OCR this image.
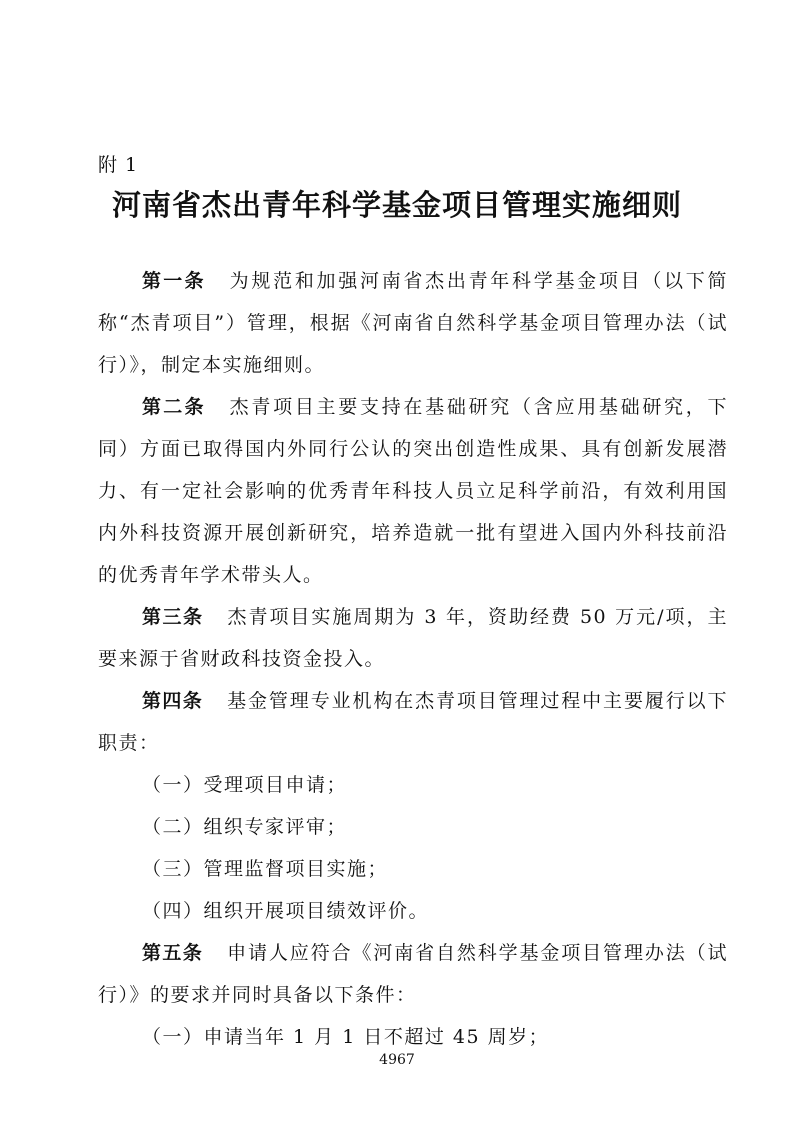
附 1
河南省杰出青年科学基金项目管理实施细则

第一条 为规范和加强河南省杰出青年科学基金项目（以下简称“杰青项目”）管理，根据《河南省自然科学基金项目管理办法（试行）》，制定本实施细则。

第二条 杰青项目主要支持在基础研究（含应用基础研究，下同）方面已取得国内外同行公认的突出创造性成果、具有创新发展潜力、有一定社会影响的优秀青年科技人员立足科学前沿，有效利用国内外科技资源开展创新研究，培养造就一批有望进入国内外科技前沿的优秀青年学术带头人。

第三条 杰青项目实施周期为 3 年，资助经费 50 万元/项，主要来源于省财政科技资金投入。

第四条 基金管理专业机构在杰青项目管理过程中主要履行以下职责：

（一）受理项目申请；

（二）组织专家评审；

（三）管理监督项目实施；

（四）组织开展项目绩效评价。

第五条 申请人应符合《河南省自然科学基金项目管理办法（试行）》的要求并同时具备以下条件：

（一）申请当年 1 月 1 日不超过 45 周岁；

4967
